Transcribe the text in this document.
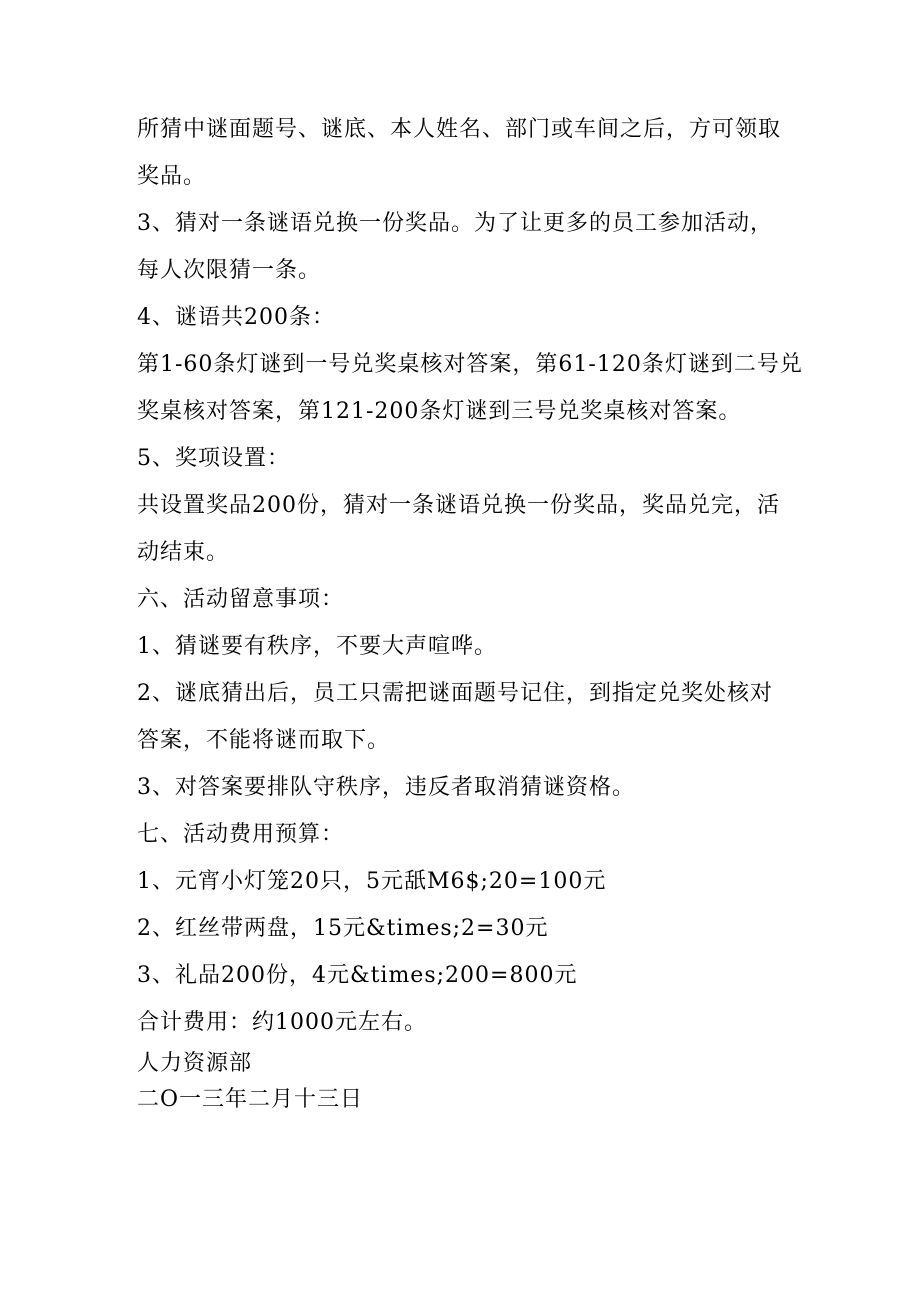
所猜中谜面题号、谜底、本人姓名、部门或车间之后，方可领取
奖品。
3、猜对一条谜语兑换一份奖品。为了让更多的员工参加活动，
每人次限猜一条。
4、谜语共200条：
第1-60条灯谜到一号兑奖桌核对答案，第61-120条灯谜到二号兑
奖桌核对答案，第121-200条灯谜到三号兑奖桌核对答案。
5、奖项设置：
共设置奖品200份，猜对一条谜语兑换一份奖品，奖品兑完，活
动结束。
六、活动留意事项：
1、猜谜要有秩序，不要大声喧哗。
2、谜底猜出后，员工只需把谜面题号记住，到指定兑奖处核对
答案，不能将谜而取下。
3、对答案要排队守秩序，违反者取消猜谜资格。
七、活动费用预算：
1、元宵小灯笼20只，5元舐M6$;20=100元
2、红丝带两盘，15元&times;2=30元
3、礼品200份，4元&times;200=800元
合计费用：约1000元左右。
人力资源部
二O一三年二月十三日
